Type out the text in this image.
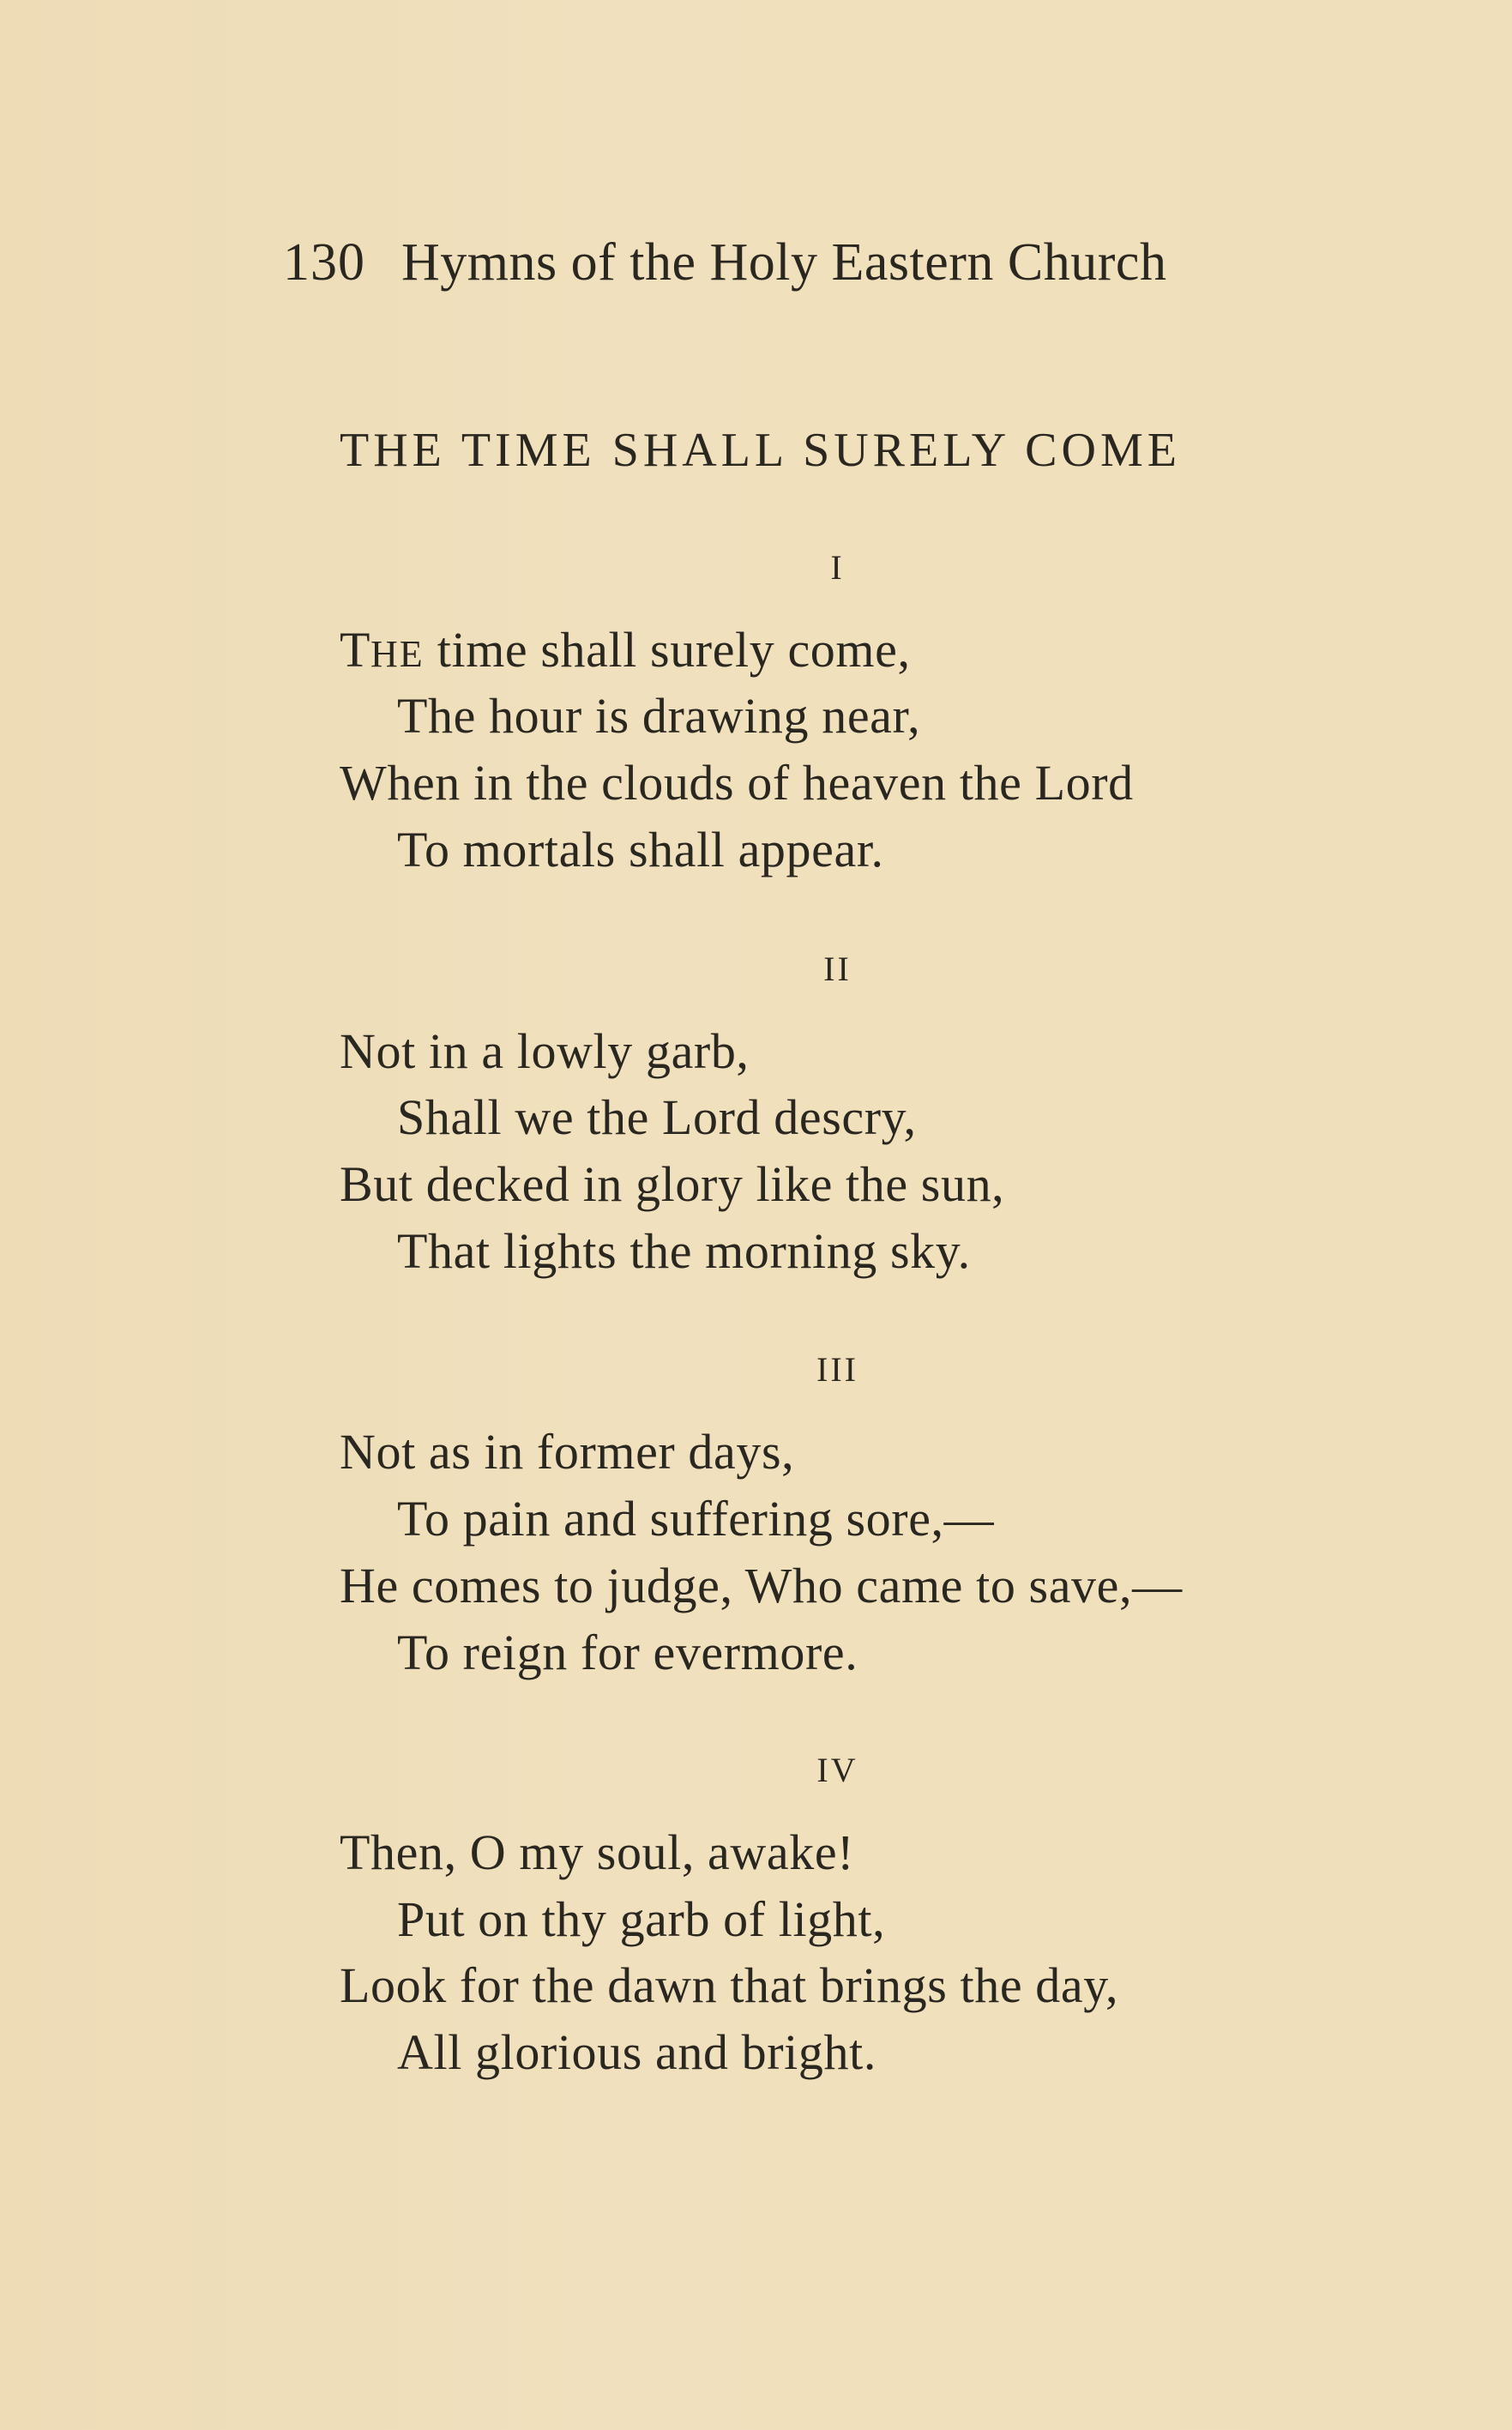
130 Hymns of the Holy Eastern Church
THE TIME SHALL SURELY COME
I
THE time shall surely come,
The hour is drawing near,
When in the clouds of heaven the Lord
To mortals shall appear.
II
Not in a lowly garb,
Shall we the Lord descry,
But decked in glory like the sun,
That lights the morning sky.
III
Not as in former days,
To pain and suffering sore,—
He comes to judge, Who came to save,—
To reign for evermore.
IV
Then, O my soul, awake!
Put on thy garb of light,
Look for the dawn that brings the day,
All glorious and bright.
